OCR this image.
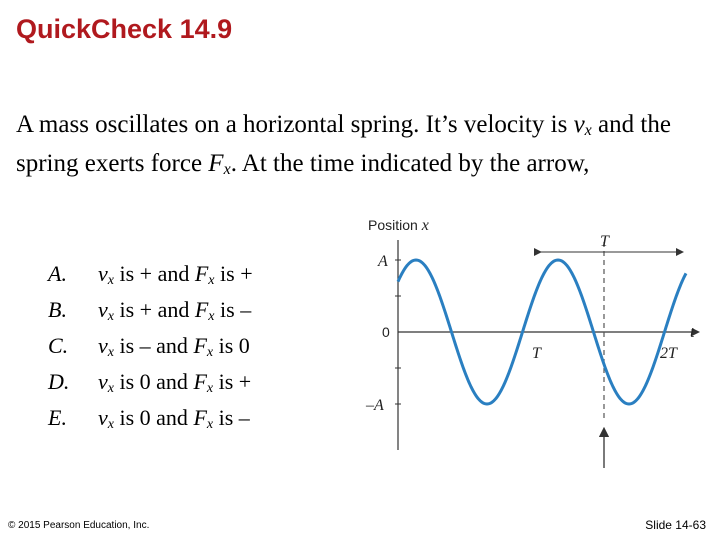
QuickCheck 14.9
A mass oscillates on a horizontal spring. It’s velocity is $v_x$ and the spring exerts force $F_x$. At the time indicated by the arrow,
A. $v_x$ is + and $F_x$ is +
B. $v_x$ is + and $F_x$ is –
C. $v_x$ is – and $F_x$ is 0
D. $v_x$ is 0 and $F_x$ is +
E. $v_x$ is 0 and $F_x$ is –
Position x
A
0
–A
T	2T
t
T
© 2015 Pearson Education, Inc.	Slide 14-63
